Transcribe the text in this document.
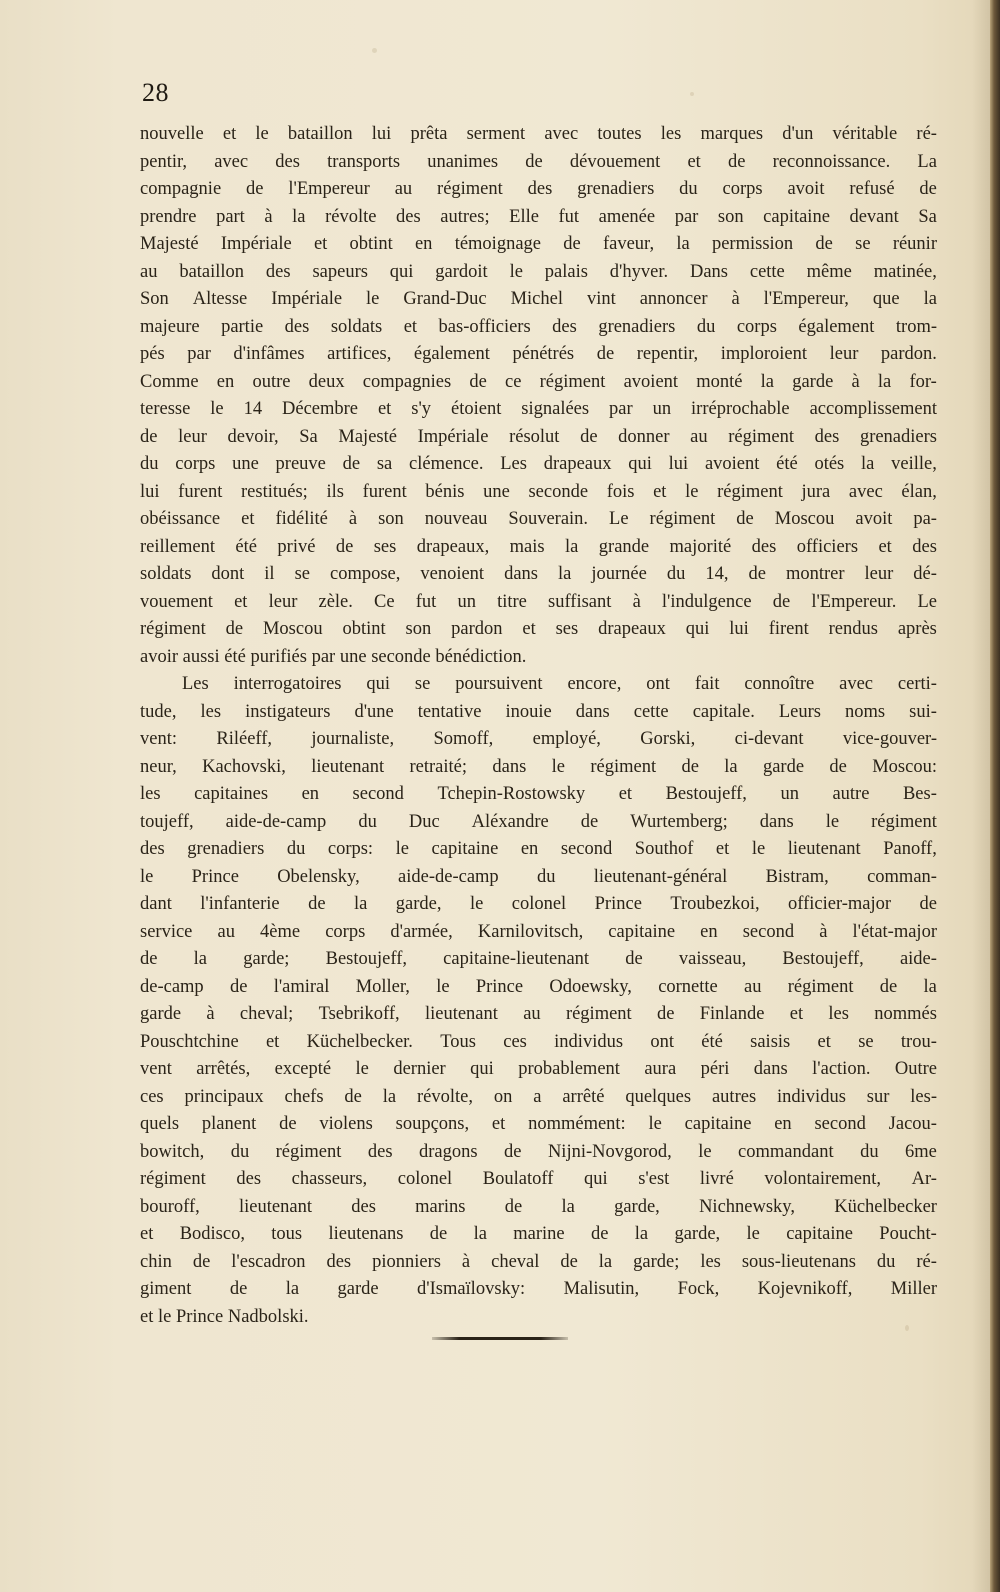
28
nouvelle et le bataillon lui prêta serment avec toutes les marques d'un véritable ré-
pentir, avec des transports unanimes de dévouement et de reconnoissance. La
compagnie de l'Empereur au régiment des grenadiers du corps avoit refusé de
prendre part à la révolte des autres; Elle fut amenée par son capitaine devant Sa
Majesté Impériale et obtint en témoignage de faveur, la permission de se réunir
au bataillon des sapeurs qui gardoit le palais d'hyver. Dans cette même matinée,
Son Altesse Impériale le Grand-Duc Michel vint annoncer à l'Empereur, que la
majeure partie des soldats et bas-officiers des grenadiers du corps également trom-
pés par d'infâmes artifices, également pénétrés de repentir, imploroient leur pardon.
Comme en outre deux compagnies de ce régiment avoient monté la garde à la for-
teresse le 14 Décembre et s'y étoient signalées par un irréprochable accomplissement
de leur devoir, Sa Majesté Impériale résolut de donner au régiment des grenadiers
du corps une preuve de sa clémence. Les drapeaux qui lui avoient été otés la veille,
lui furent restitués; ils furent bénis une seconde fois et le régiment jura avec élan,
obéissance et fidélité à son nouveau Souverain. Le régiment de Moscou avoit pa-
reillement été privé de ses drapeaux, mais la grande majorité des officiers et des
soldats dont il se compose, venoient dans la journée du 14, de montrer leur dé-
vouement et leur zèle. Ce fut un titre suffisant à l'indulgence de l'Empereur. Le
régiment de Moscou obtint son pardon et ses drapeaux qui lui firent rendus après
avoir
aussi
été
purifiés
par
une
seconde
bénédiction.
Les interrogatoires qui se poursuivent encore, ont fait connoître avec certi-
tude, les instigateurs d'une tentative inouie dans cette capitale. Leurs noms sui-
vent: Riléeff, journaliste, Somoff, employé, Gorski, ci-devant vice-gouver-
neur, Kachovski, lieutenant retraité; dans le régiment de la garde de Moscou:
les capitaines en second Tchepin-Rostowsky et Bestoujeff, un autre Bes-
toujeff, aide-de-camp du Duc Aléxandre de Wurtemberg; dans le régiment
des grenadiers du corps: le capitaine en second Southof et le lieutenant Panoff,
le Prince Obelensky, aide-de-camp du lieutenant-général Bistram, comman-
dant l'infanterie de la garde, le colonel Prince Troubezkoi, officier-major de
service au 4ème corps d'armée, Karnilovitsch, capitaine en second à l'état-major
de la garde; Bestoujeff, capitaine-lieutenant de vaisseau, Bestoujeff, aide-
de-camp de l'amiral Moller, le Prince Odoewsky, cornette au régiment de la
garde à cheval; Tsebrikoff, lieutenant au régiment de Finlande et les nommés
Pouschtchine et Küchelbecker. Tous ces individus ont été saisis et se trou-
vent arrêtés, excepté le dernier qui probablement aura péri dans l'action. Outre
ces principaux chefs de la révolte, on a arrêté quelques autres individus sur les-
quels planent de violens soupçons, et nommément: le capitaine en second Jacou-
bowitch, du régiment des dragons de Nijni-Novgorod, le commandant du 6me
régiment des chasseurs, colonel Boulatoff qui s'est livré volontairement, Ar-
bouroff, lieutenant des marins de la garde, Nichnewsky, Küchelbecker
et Bodisco, tous lieutenans de la marine de la garde, le capitaine Poucht-
chin de l'escadron des pionniers à cheval de la garde; les sous-lieutenans du ré-
giment de la garde d'Ismaïlovsky: Malisutin, Fock, Kojevnikoff, Miller
et
le
Prince
Nadbolski.
